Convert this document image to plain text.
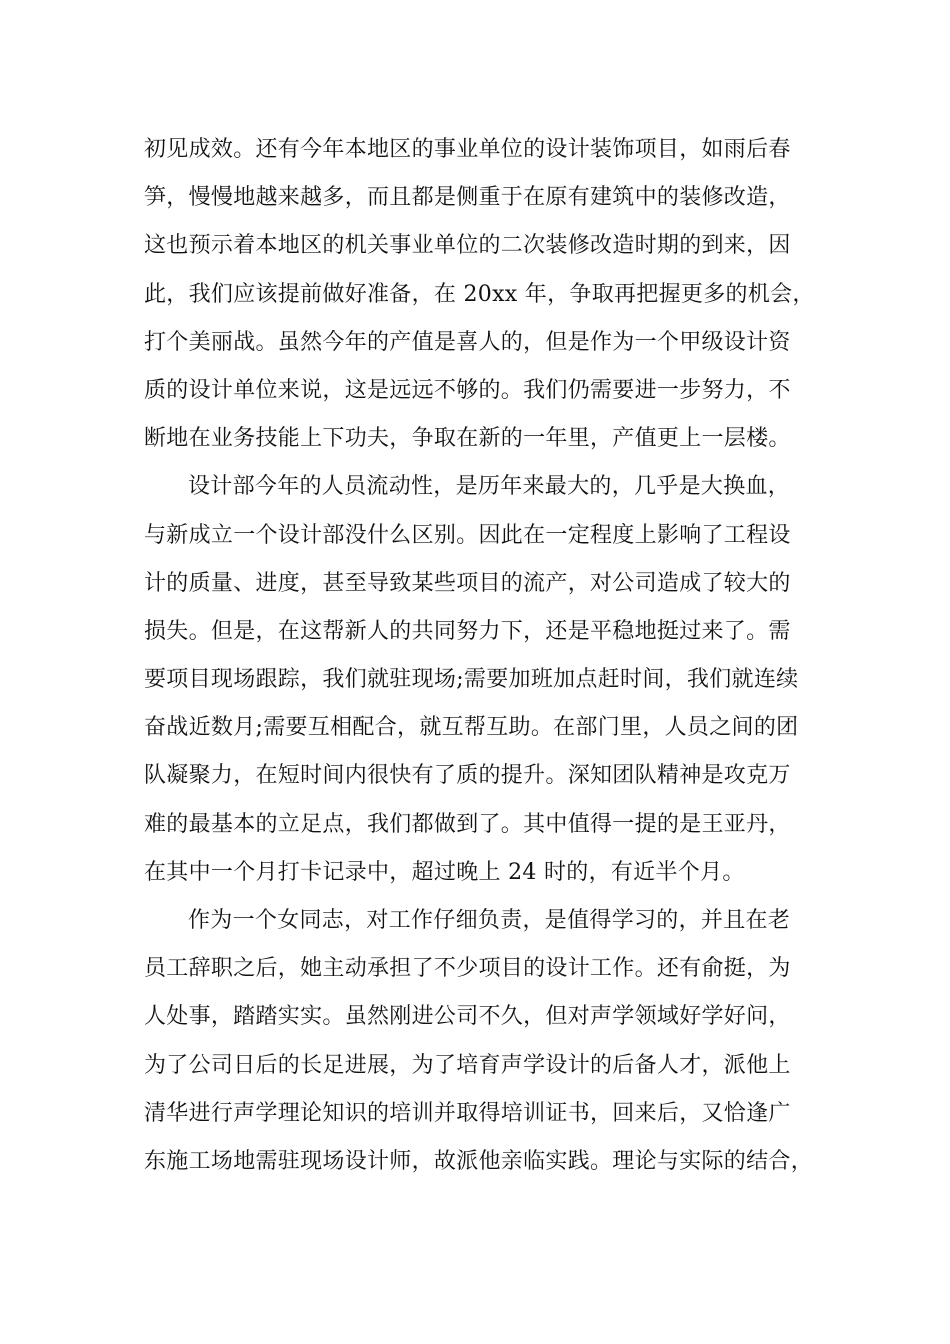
初见成效。还有今年本地区的事业单位的设计装饰项目，如雨后春
笋，慢慢地越来越多，而且都是侧重于在原有建筑中的装修改造，
这也预示着本地区的机关事业单位的二次装修改造时期的到来，因
此，我们应该提前做好准备，在 20xx 年，争取再把握更多的机会，
打个美丽战。虽然今年的产值是喜人的，但是作为一个甲级设计资
质的设计单位来说，这是远远不够的。我们仍需要进一步努力，不
断地在业务技能上下功夫，争取在新的一年里，产值更上一层楼。
设计部今年的人员流动性，是历年来最大的，几乎是大换血，
与新成立一个设计部没什么区别。因此在一定程度上影响了工程设
计的质量、进度，甚至导致某些项目的流产，对公司造成了较大的
损失。但是，在这帮新人的共同努力下，还是平稳地挺过来了。需
要项目现场跟踪，我们就驻现场;需要加班加点赶时间，我们就连续
奋战近数月;需要互相配合，就互帮互助。在部门里，人员之间的团
队凝聚力，在短时间内很快有了质的提升。深知团队精神是攻克万
难的最基本的立足点，我们都做到了。其中值得一提的是王亚丹，
在其中一个月打卡记录中，超过晚上 24 时的，有近半个月。
作为一个女同志，对工作仔细负责，是值得学习的，并且在老
员工辞职之后，她主动承担了不少项目的设计工作。还有俞挺，为
人处事，踏踏实实。虽然刚进公司不久，但对声学领域好学好问，
为了公司日后的长足进展，为了培育声学设计的后备人才，派他上
清华进行声学理论知识的培训并取得培训证书，回来后，又恰逢广
东施工场地需驻现场设计师，故派他亲临实践。理论与实际的结合，
